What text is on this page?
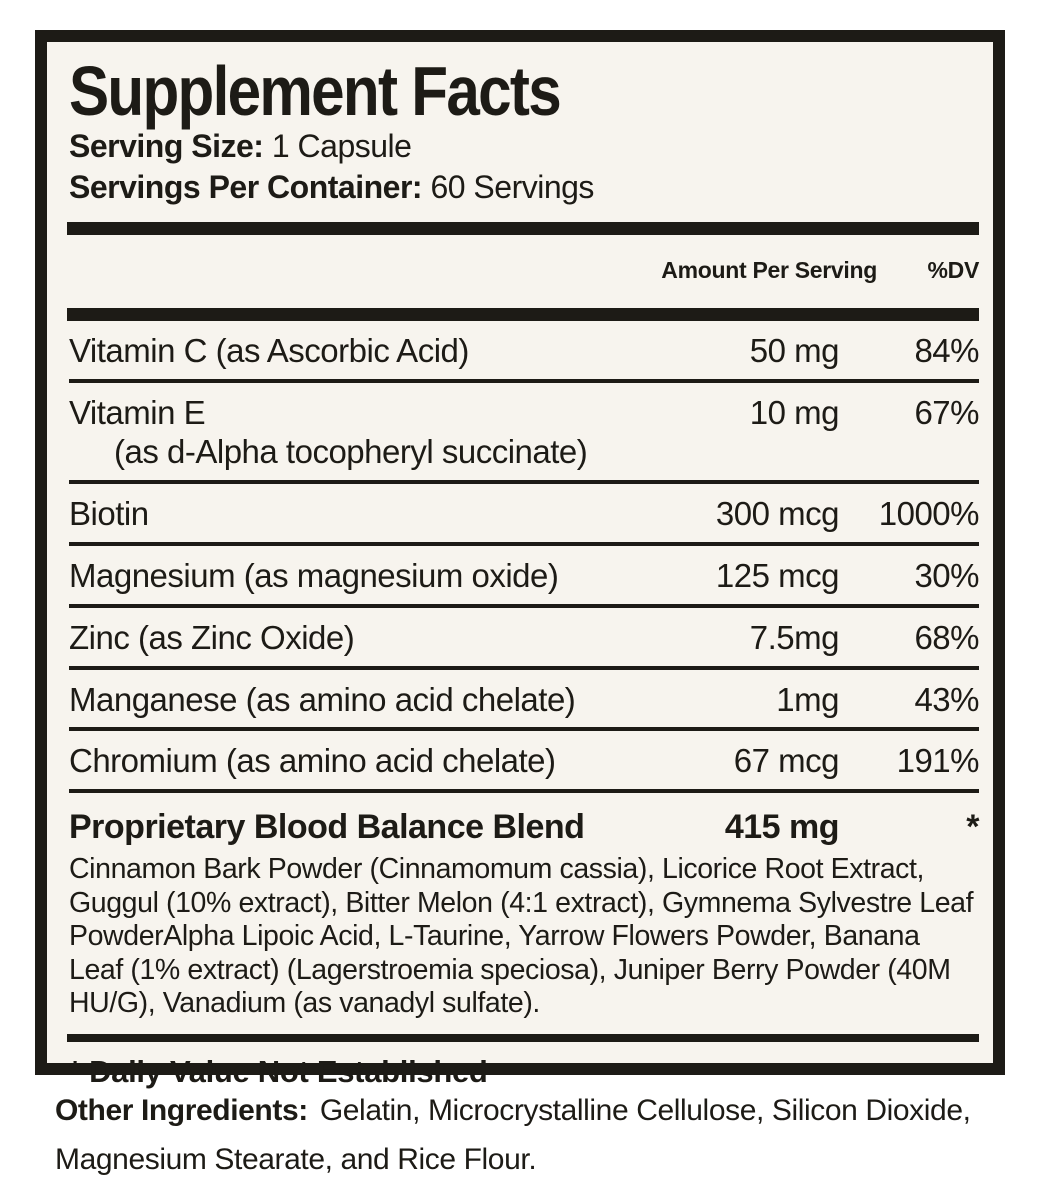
Supplement Facts
Serving Size: 1 Capsule
Servings Per Container: 60 Servings
Amount Per Serving	%DV
Vitamin C (as Ascorbic Acid)	50 mg	84%
Vitamin E
(as d-Alpha tocopheryl succinate)
10 mg	67%
Biotin	300 mcg	1000%
Magnesium (as magnesium oxide)	125 mcg	30%
Zinc (as Zinc Oxide)	7.5mg	68%
Manganese (as amino acid chelate)	1mg	43%
Chromium (as amino acid chelate)	67 mcg	191%
Proprietary Blood Balance Blend	415 mg	*
Cinnamon Bark Powder (Cinnamomum cassia), Licorice Root Extract, Guggul (10% extract), Bitter Melon (4:1 extract), Gymnema Sylvestre Leaf PowderAlpha Lipoic Acid, L-Taurine, Yarrow Flowers Powder, Banana Leaf (1% extract) (Lagerstroemia speciosa), Juniper Berry Powder (40M HU/G), Vanadium (as vanadyl sulfate).
* Daily Value Not Established
Other Ingredients: Gelatin, Microcrystalline Cellulose, Silicon Dioxide, Magnesium Stearate, and Rice Flour.
